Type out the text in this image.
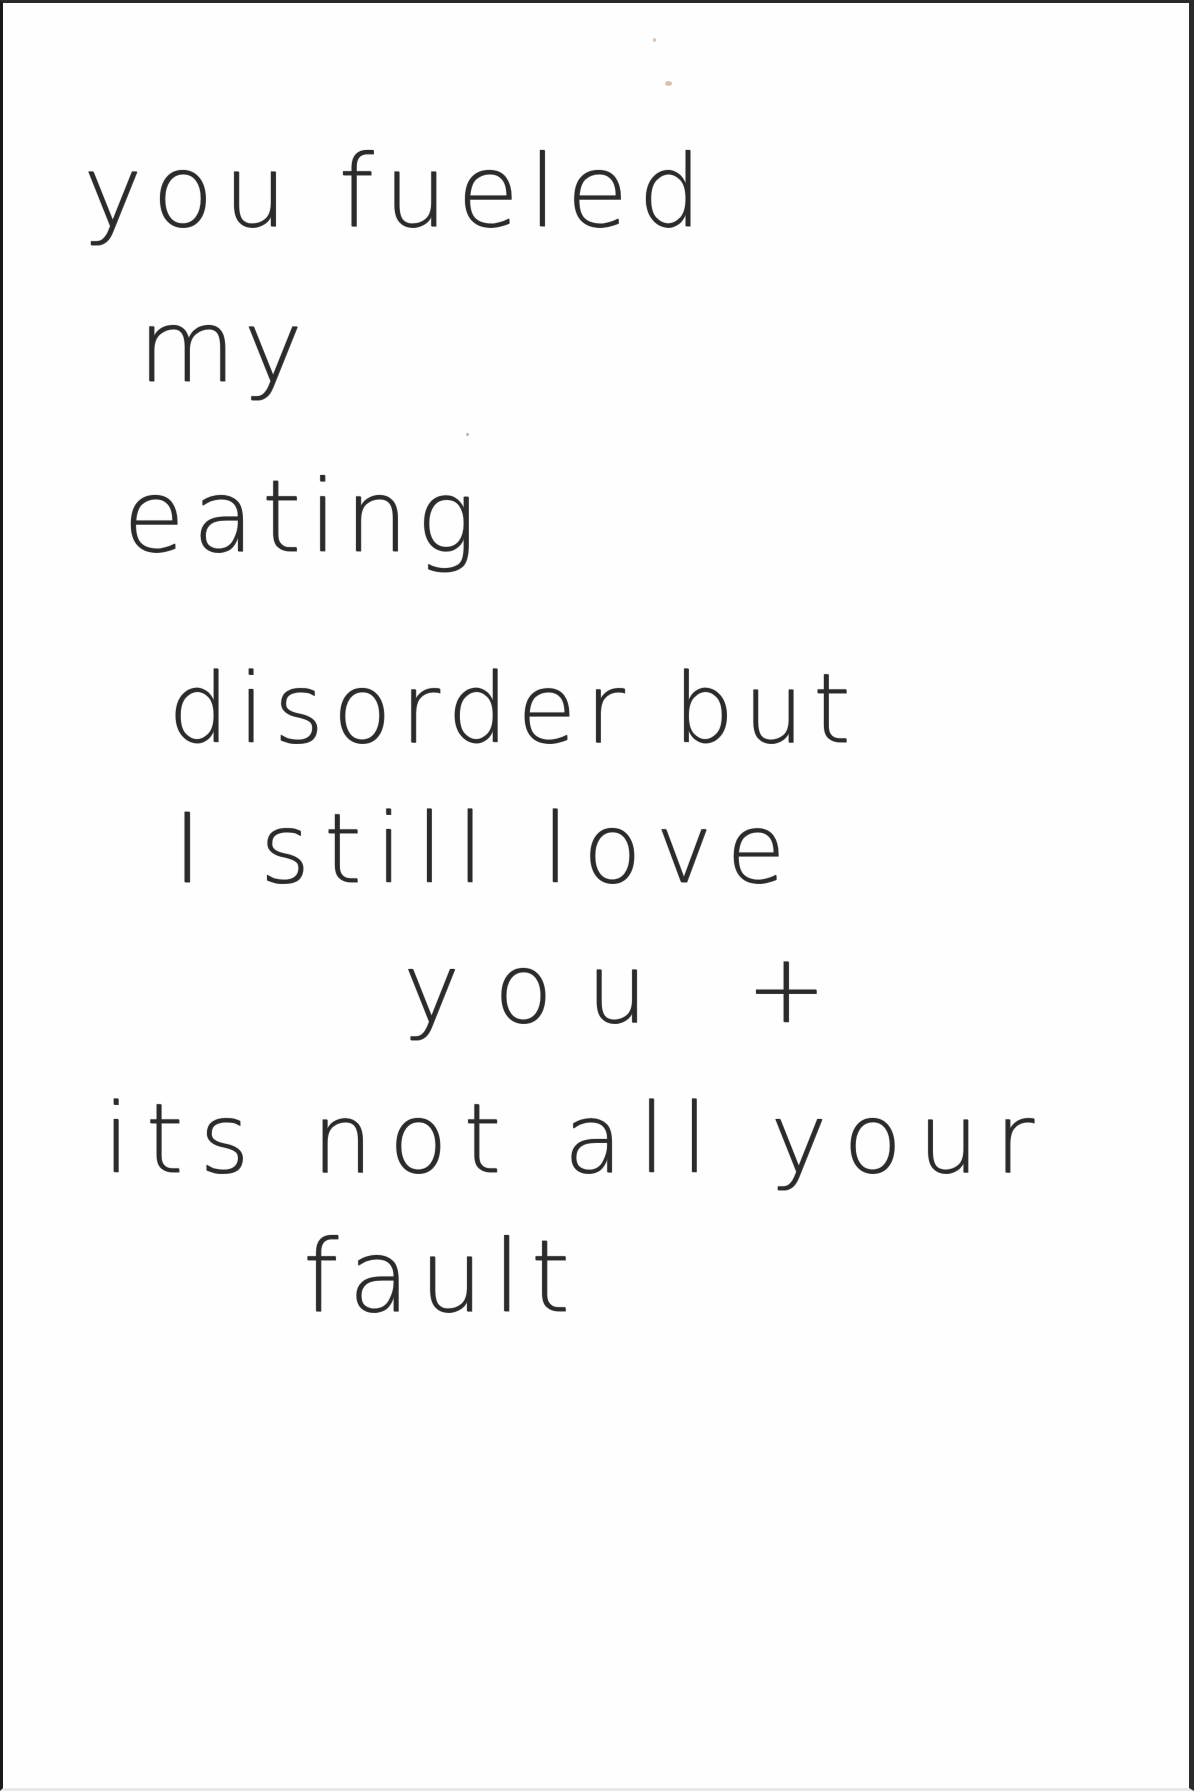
you fueled
my
eating
disorder but
I still love
you +
its not all your
fault
